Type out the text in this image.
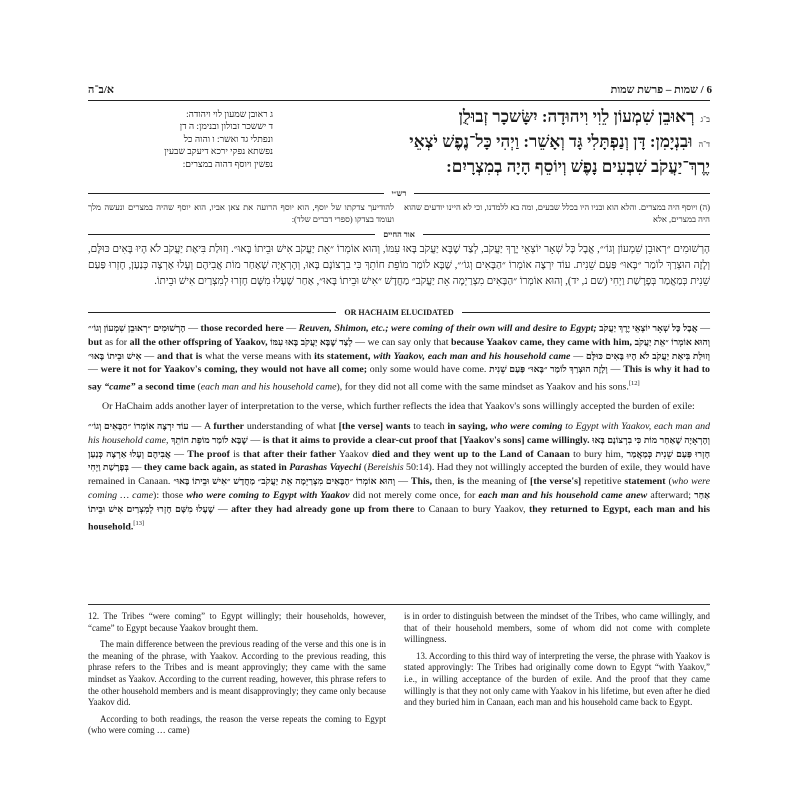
א/ב־ה	6 / שמות – פרשת שמות
ג ראובן שמעון לוי ויהודה:
ד יששכר זבולון ובנימן: ה דן
ונפתלי גד ואשר: ו והוה כל
נפשתא נפקי ירכא דיעקב שבעין
נפשין ויוסף דהוה במצרים:
ב־גרְאוּבֵן שִׁמְעוֹן לֵוִי וִיהוּדָה: יִשָּׂשכָר זְבוּלֻן
ד־הוּבִנְיָמִן: דָּן וְנַפְתָּלִי גָּד וְאָשֵׁר: וַיְהִי כָּל־נֶפֶשׁ יֹצְאֵי
יֶרֶךְ־יַעֲקֹב שִׁבְעִים נָפֶשׁ וְיוֹסֵף הָיָה בְמִצְרָיִם:
רש״י
(ה) ויוסף היה במצרים. והלא הוא ובניו היו בכלל שבעים, ומה בא ללמדנו, וכי לא היינו יודעים שהוא היה במצרים, אלא
להודיעך צדקתו של יוסף, הוא יוסף הרועה את צאן אביו, הוא יוסף שהיה במצרים ונעשה מלך ועומד בצדקו (ספרי דברים שלד):
אור החיים
הָרְשׁוּמִים ״רְאוּבֵן שִׁמְעוֹן וְגוֹ׳״, אֲבָל כָּל שְׁאָר יוֹצְאֵי יֶרֶךְ יַעֲקֹב, לְצַד שֶׁבָּא יַעֲקֹב בָּאוּ עִמּוֹ, וְהוּא אוֹמְרוֹ ״אֵת יַעֲקֹב אִישׁ וּבֵיתוֹ בָּאוּ״. וְזוּלַת בִּיאַת יַעֲקֹב לֹא הָיוּ בָּאִים כּוּלָּם, וְלָזֶה הוּצְרַךְ לוֹמַר ״בָּאוּ״ פַּעַם שֵׁנִית. עוֹד יִרְצֶה אוֹמְרוֹ ״הַבָּאִים וְגוֹ׳״, שֶׁבָּא לוֹמַר מוֹפֵת חוֹתֵךְ כִּי בִרְצוֹנָם בָּאוּ, וְהָרְאָיָה שֶׁאַחַר מוֹת אֲבִיהֶם וְעָלוּ אַרְצָה כְּנַעַן, חָזְרוּ פַּעַם שֵׁנִית כְּמַאֲמַר בְּפָרָשַׁת וַיְחִי (שם נ, יד), וְהוּא אוֹמְרוֹ ״הַבָּאִים מִצְרַיְמָה אֵת יַעֲקֹב״ מַחֲדָשׁ ״אִישׁ וּבֵיתוֹ בָּאוּ״, אַחַר שֶׁעָלוּ מִשָּׁם חָזְרוּ לְמִצְרַיִם אִישׁ וּבֵיתוֹ.
OR HACHAIM ELUCIDATED

הָרְשׁוּמִים ״רְאוּבֵן שִׁמְעוֹן וְגוֹ׳״ — those recorded here — Reuven, Shimon, etc.; were coming of their own will and desire to Egypt; אֲבָל כָּל שְׁאָר יוֹצְאֵי יֶרֶךְ יַעֲקֹב — but as for all the other offspring of Yaakov, לְצַד שֶׁבָּא יַעֲקֹב בָּאוּ עִמּוֹ — we can say only that because Yaakov came, they came with him, וְהוּא אוֹמְרוֹ ״אֵת יַעֲקֹב אִישׁ וּבֵיתוֹ בָּאוּ״ — and that is what the verse means with its statement, with Yaakov, each man and his household came — וְזוּלַת בִּיאַת יַעֲקֹב לֹא הָיוּ בָּאִים כּוּלָּם — were it not for Yaakov's coming, they would not have all come; only some would have come. וְלָזֶה הוּצְרַךְ לוֹמַר ״בָּאוּ״ פַּעַם שֵׁנִית — This is why it had to say “came” a second time (each man and his household came), for they did not all come with the same mindset as Yaakov and his sons.[12]

Or HaChaim adds another layer of interpretation to the verse, which further reflects the idea that Yaakov's sons willingly accepted the burden of exile:

עוֹד יִרְצֶה אוֹמְרוֹ ״הַבָּאִים וְגוֹ׳״ — A further understanding of what [the verse] wants to teach in saying, who were coming to Egypt with Yaakov, each man and his household came, שֶׁבָּא לוֹמַר מוֹפֵת חוֹתֵךְ — is that it aims to provide a clear-cut proof that [Yaakov's sons] came willingly. כִּי בִרְצוֹנָם בָּאוּ וְהָרְאָיָה שֶׁאַחַר מוֹת אֲבִיהֶם וְעָלוּ אַרְצָה כְּנַעַן — The proof is that after their father Yaakov died and they went up to the Land of Canaan to bury him, חָזְרוּ פַּעַם שֵׁנִית כְּמַאֲמַר בְּפָרָשַׁת וַיְחִי — they came back again, as stated in Parashas Vayechi (Bereishis 50:14). Had they not willingly accepted the burden of exile, they would have remained in Canaan. וְהוּא אוֹמְרוֹ ״הַבָּאִים מִצְרַיְמָה אֵת יַעֲקֹב״ מַחֲדָשׁ ״אִישׁ וּבֵיתוֹ בָּאוּ״ — This, then, is the meaning of [the verse's] repetitive statement (who were coming … came): those who were coming to Egypt with Yaakov did not merely come once, for each man and his household came anew afterward; אַחַר שֶׁעָלוּ מִשָּׁם חָזְרוּ לְמִצְרַיִם אִישׁ וּבֵיתוֹ — after they had already gone up from there to Canaan to bury Yaakov, they returned to Egypt, each man and his household.[13]

12. The Tribes “were coming” to Egypt willingly; their households, however, “came” to Egypt because Yaakov brought them.

The main difference between the previous reading of the verse and this one is in the meaning of the phrase, with Yaakov. According to the previous reading, this phrase refers to the Tribes and is meant approvingly; they came with the same mindset as Yaakov. According to the current reading, however, this phrase refers to the other household members and is meant disapprovingly; they came only because Yaakov did.

According to both readings, the reason the verse repeats the coming to Egypt (who were coming … came)

is in order to distinguish between the mindset of the Tribes, who came willingly, and that of their household members, some of whom did not come with complete willingness.

13. According to this third way of interpreting the verse, the phrase with Yaakov is stated approvingly: The Tribes had originally come down to Egypt “with Yaakov,” i.e., in willing acceptance of the burden of exile. And the proof that they came willingly is that they not only came with Yaakov in his lifetime, but even after he died and they buried him in Canaan, each man and his household came back to Egypt.
